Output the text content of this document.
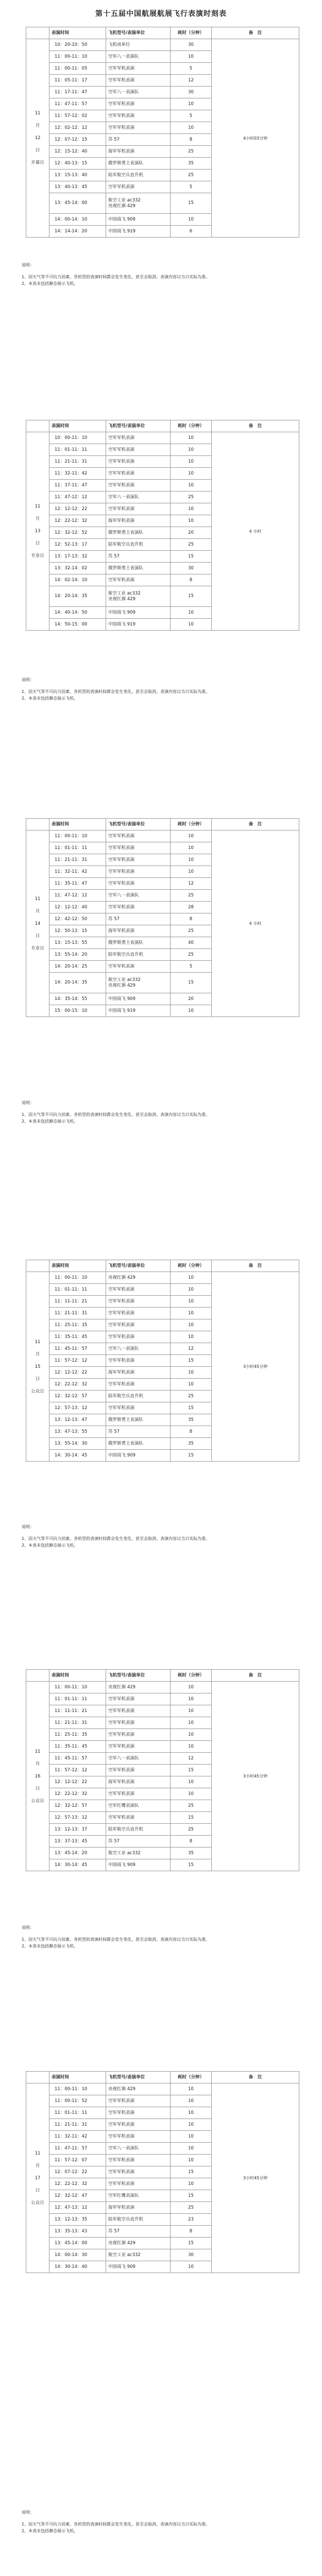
第十五届中国航展航展飞行表演时刻表
	表演时间	飞机型号/表演单位	耗时（分钟）	备　注
11

月

12

日

开幕日	10：20-10：50	飞机或单位	30	4小时03分钟
	11：00-11：10	空军八一表演队	10	
	11：00-11：05	空军军机表演	5	
	11：05-11：17	空军军机表演	12	
	11：17-11：47	空军八一表演队	30	
	11：47-11：57	空军军机表演	10	
	11：57-12：02	空军军机表演	5	
	12：02-12：12	空军军机表演	10	
	12：07-12：15	苏 57	8	
	12：15-12：40	海军军机表演	25	
	12：40-13：15	俄罗斯勇士表演队	35	
	13：15-13：40	陆军航空兵直升机	25	
	13：40-13：45	空军军机表演	5	
	13：45-14：00	航空工业 ac332
央视红旗 429	15	
	14：00-14：10	中国商飞 909	10	
	14：14-14：20	中国商飞 919	6	

说明：

1、因天气等不可抗力因素、各机型的表演时间都会发生变化，甚至会取消，表演内容以当日实际为准。

2、本表未包括静态展示飞机。

	表演时间	飞机型号/表演单位	耗时（分钟）	备　注
11

月

13

日

专业日	10：00-11：10	空军军机表演	10	4 小时
	11：01-11：11	空军军机表演	10	
	11：21-11：31	空军军机表演	10	
	11：32-11：42	空军军机表演	10	
	11：37-11：47	空军军机表演	10	
	11：47-12：12	空军八一表演队	25	
	12：12-12：22	空军军机表演	10	
	12：22-12：32	海军军机表演	10	
	12：32-12：52	俄罗斯勇士表演队	20	
	12：52-13：17	陆军航空兵直升机	25	
	13：17-13：32	苏 57	15	
	13：32-14：02	俄罗斯勇士表演队	30	
	14：02-14：10	空军军机表演	8	
	14：20-14：35	航空工业 ac332
央视红旗 429	15	
	14：40-14：50	中国商飞 909	10	
	14：50-15：00	中国商飞 919	10	

说明：

1、因天气等不可抗力因素、各机型的表演时间都会发生变化，甚至会取消，表演内容以当日实际为准。

2、本表未包括静态展示飞机。

	表演时间	飞机型号/表演单位	耗时（分钟）	备　注
11

月

14

日

专业日	11：00-11：10	空军军机表演	10	4 小时
	11：01-11：11	空军军机表演	10	
	11：21-11：31	空军军机表演	10	
	11：32-11：42	空军军机表演	10	
	11：35-11：47	空军军机表演	12	
	11：47-12：12	空军八一表演队	25	
	12：12-12：40	空军军机表演	28	
	12：42-12：50	苏 57	8	
	12：50-13：15	海军军机表演	25	
	13：15-13：55	俄罗斯勇士表演队	40	
	13：55-14：20	陆军航空兵直升机	25	
	14：20-14：25	空军军机表演	5	
	14：20-14：35	航空工业 ac332
央视红旗 429	15	
	14：35-14：55	中国商飞 909	20	
	15：00-15：10	中国商飞 919	10	

说明：

1、因天气等不可抗力因素、各机型的表演时间都会发生变化，甚至会取消，表演内容以当日实际为准。

2、本表未包括静态展示飞机。

	表演时间	飞机型号/表演单位	耗时（分钟）	备　注
11

月

15

日

公众日	11：00-11：10	央视红旗 429	10	3小时45分钟
	11：01-11：11	空军军机表演	10	
	11：11-11：21	空军军机表演	10	
	11：21-11：31	空军军机表演	10	
	11：25-11：35	空军军机表演	10	
	11：35-11：45	空军军机表演	10	
	11：45-11：57	空军八一表演队	12	
	11：57-12：12	空军军机表演	15	
	12：12-12：22	海军军机表演	10	
	12：22-12：32	空军军机表演	10	
	12：32-12：57	陆军航空兵直升机	25	
	12：57-13：12	空军军机表演	15	
	13：12-13：47	俄罗斯勇士表演队	35	
	13：47-13：55	苏 57	8	
	13：55-14：30	俄罗斯勇士表演队	35	
	14：30-14：45	中国商飞 909	15	

说明：

1、因天气等不可抗力因素、各机型的表演时间都会发生变化，甚至会取消，表演内容以当日实际为准。

2、本表未包括静态展示飞机。

	表演时间	飞机型号/表演单位	耗时（分钟）	备　注
11

月

16

日

公众日	11：00-11：10	央视红旗 429	10	3小时45分钟
	11：01-11：11	空军军机表演	10	
	11：11-11：21	空军军机表演	10	
	11：21-11：31	空军军机表演	10	
	11：25-11：35	空军军机表演	10	
	11：35-11：45	空军军机表演	10	
	11：45-11：57	空军八一表演队	12	
	11：57-12：12	空军军机表演	15	
	12：12-12：22	海军军机表演	10	
	12：22-12：32	空军军机表演	10	
	12：32-12：57	空军红鹰表演队	25	
	12：57-13：12	空军军机表演	15	
	13：12-13：37	陆军航空兵直升机	25	
	13：37-13：45	苏 57	8	
	13：45-14：20	航空工业 ac332	35	
	14：30-14：45	中国商飞 909	15	

说明：

1、因天气等不可抗力因素、各机型的表演时间都会发生变化，甚至会取消，表演内容以当日实际为准。

2、本表未包括静态展示飞机。

	表演时间	飞机型号/表演单位	耗时（分钟）	备　注
11

月

17

日

公众日	11：00-11：10	央视红旗 429	10	3小时45分钟
	11：00-11：52	空军军机表演	10	
	11：01-11：11	空军军机表演	10	
	11：21-11：31	空军军机表演	10	
	11：32-11：42	空军军机表演	10	
	11：47-11：57	空军八一表演队	10	
	11：57-12：07	空军军机表演	10	
	12：07-12：22	空军军机表演	15	
	12：22-12：32	空军军机表演	10	
	12：32-12：47	空军红鹰表演队	15	
	12：47-13：12	海军军机表演	25	
	13：12-13：35	陆军航空兵直升机	23	
	13：35-13：43	苏 57	8	
	13：45-14：00	央视红旗 429	15	
	14：00-14：30	航空工业 ac332	30	
	14：30-14：40	中国商飞 909	10	

说明：

1、因天气等不可抗力因素、各机型的表演时间都会发生变化，甚至会取消，表演内容以当日实际为准。

2、本表未包括静态展示飞机。
